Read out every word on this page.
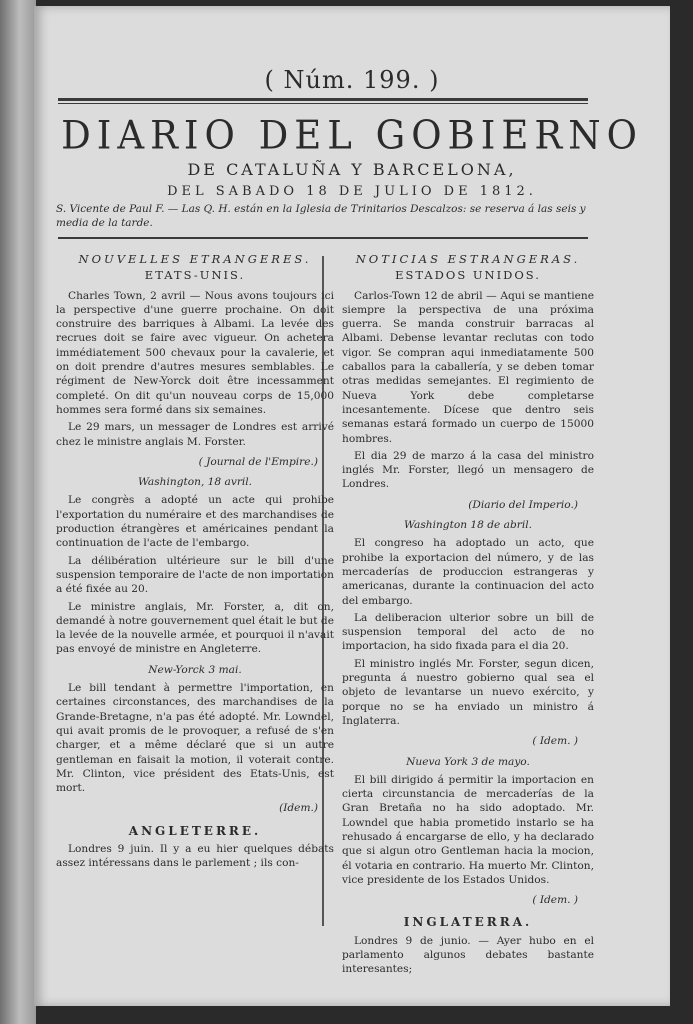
( Núm. 199. )
DIARIO DEL GOBIERNO
DE CATALUÑA Y BARCELONA,
DEL SABADO 18 DE JULIO DE 1812.
S. Vicente de Paul F. — Las Q. H. están en la Iglesia de Trinitarios Descalzos: se reserva á las seis y media de la tarde.
NOUVELLES ETRANGERES.
ETATS-UNIS.

Charles Town, 2 avril — Nous avons toujours ici la perspective d'une guerre prochaine. On doit construire des barriques à Albami. La levée des recrues doit se faire avec vigueur. On achetera immédiatement 500 chevaux pour la cavalerie, et on doit prendre d'autres mesures semblables. Le régiment de New-Yorck doit être incessamment completé. On dit qu'un nouveau corps de 15,000 hommes sera formé dans six semaines.

Le 29 mars, un messager de Londres est arrivé chez le ministre anglais M. Forster.

( Journal de l'Empire.)
Washington, 18 avril.

Le congrès a adopté un acte qui prohibe l'exportation du numéraire et des marchandises de production étrangères et américaines pendant la continuation de l'acte de l'embargo.

La délibération ultérieure sur le bill d'une suspension temporaire de l'acte de non importation a été fixée au 20.

Le ministre anglais, Mr. Forster, a, dit on, demandé à notre gouvernement quel était le but de la levée de la nouvelle armée, et pourquoi il n'avait pas envoyé de ministre en Angleterre.

New-Yorck 3 mai.

Le bill tendant à permettre l'importation, en certaines circonstances, des marchandises de la Grande-Bretagne, n'a pas été adopté. Mr. Lowndel, qui avait promis de le provoquer, a refusé de s'en charger, et a même déclaré que si un autre gentleman en faisait la motion, il voterait contre. Mr. Clinton, vice président des Etats-Unis, est mort.

(Idem.)
ANGLETERRE.

Londres 9 juin. Il y a eu hier quelques débats assez intéressans dans le parlement ; ils con-

NOTICIAS ESTRANGERAS.
ESTADOS UNIDOS.

Carlos-Town 12 de abril — Aqui se mantiene siempre la perspectiva de una próxima guerra. Se manda construir barracas al Albami. Debense levantar reclutas con todo vigor. Se compran aqui inmediatamente 500 caballos para la caballería, y se deben tomar otras medidas semejantes. El regimiento de Nueva York debe completarse incesantemente. Dícese que dentro seis semanas estará formado un cuerpo de 15000 hombres.

El dia 29 de marzo á la casa del ministro inglés Mr. Forster, llegó un mensagero de Londres.

(Diario del Imperio.)
Washington 18 de abril.

El congreso ha adoptado un acto, que prohibe la exportacion del número, y de las mercaderías de produccion estrangeras y americanas, durante la continuacion del acto del embargo.

La deliberacion ulterior sobre un bill de suspension temporal del acto de no importacion, ha sido fixada para el dia 20.

El ministro inglés Mr. Forster, segun dicen, pregunta á nuestro gobierno qual sea el objeto de levantarse un nuevo exército, y porque no se ha enviado un ministro á Inglaterra.

( Idem. )
Nueva York 3 de mayo.

El bill dirigido á permitir la importacion en cierta circunstancia de mercaderías de la Gran Bretaña no ha sido adoptado. Mr. Lowndel que habia prometido instarlo se ha rehusado á encargarse de ello, y ha declarado que si algun otro Gentleman hacia la mocion, él votaria en contrario. Ha muerto Mr. Clinton, vice presidente de los Estados Unidos.

( Idem. )
INGLATERRA.

Londres 9 de junio. — Ayer hubo en el parlamento algunos debates bastante interesantes;
